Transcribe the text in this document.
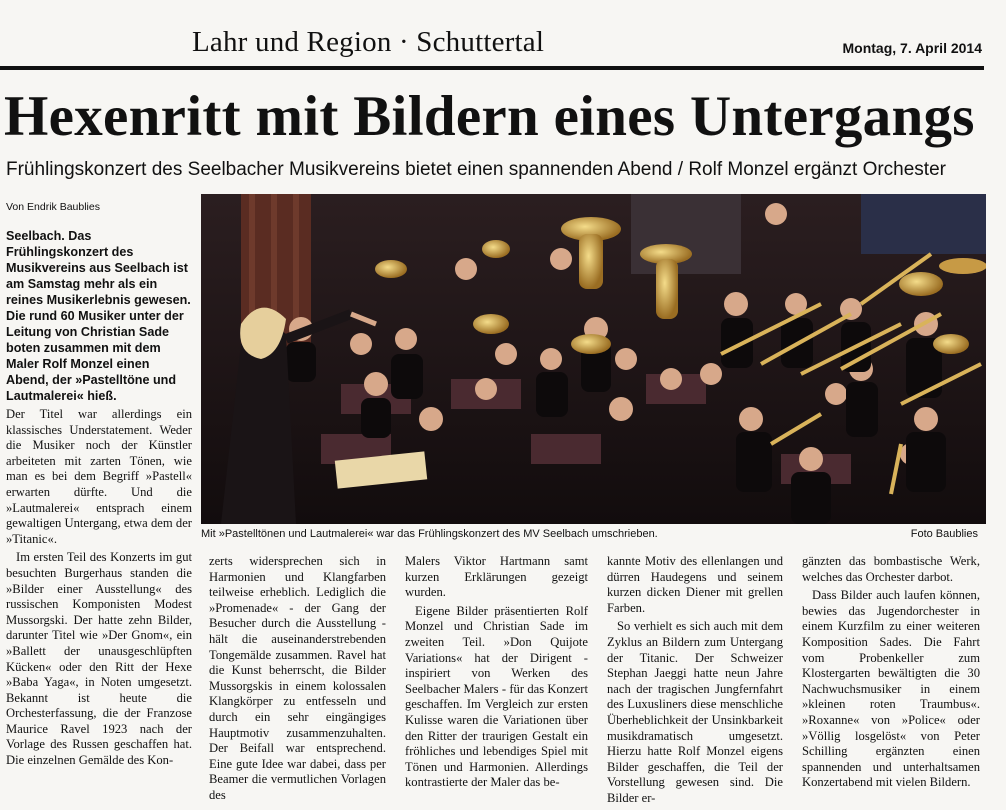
Lahr und Region · Schuttertal	Montag, 7. April 2014
Hexenritt mit Bildern eines Untergangs
Frühlingskonzert des Seelbacher Musikvereins bietet einen spannenden Abend / Rolf Monzel ergänzt Orchester
Von Endrik Baublies

Seelbach. Das Frühlingskonzert des Musikvereins aus Seelbach ist am Samstag mehr als ein reines Musikerlebnis gewesen. Die rund 60 Musiker unter der Leitung von Christian Sade boten zusammen mit dem Maler Rolf Monzel einen Abend, der »Pastelltöne und Lautmalerei« hieß.

Der Titel war allerdings ein klassisches Understatement. Weder die Musiker noch der Künstler arbeiteten mit zarten Tönen, wie man es bei dem Begriff »Pastell« erwarten dürfte. Und die »Lautmalerei« entsprach einem gewaltigen Untergang, etwa dem der »Titanic«.

Im ersten Teil des Konzerts im gut besuchten Burgerhaus standen die »Bilder einer Ausstellung« des russischen Komponisten Modest Mussorgski. Der hatte zehn Bilder, darunter Titel wie »Der Gnom«, ein »Ballett der unausgeschlüpften Kücken« oder den Ritt der Hexe »Baba Yaga«, in Noten umgesetzt. Bekannt ist heute die Orchesterfassung, die der Franzose Maurice Ravel 1923 nach der Vorlage des Russen geschaffen hat. Die einzelnen Gemälde des Kon-

Mit »Pastelltönen und Lautmalerei« war das Frühlingskonzert des MV Seelbach umschrieben.	Foto Baublies

zerts widersprechen sich in Harmonien und Klangfarben teilweise erheblich. Lediglich die »Promenade« - der Gang der Besucher durch die Ausstellung - hält die auseinanderstrebenden Tongemälde zusammen. Ravel hat die Kunst beherrscht, die Bilder Mussorgskis in einem kolossalen Klangkörper zu entfesseln und durch ein sehr eingängiges Hauptmotiv zusammenzuhalten. Der Beifall war entsprechend. Eine gute Idee war dabei, dass per Beamer die vermutlichen Vorlagen des

Malers Viktor Hartmann samt kurzen Erklärungen gezeigt wurden.

Eigene Bilder präsentierten Rolf Monzel und Christian Sade im zweiten Teil. »Don Quijote Variations« hat der Dirigent - inspiriert von Werken des Seelbacher Malers - für das Konzert geschaffen. Im Vergleich zur ersten Kulisse waren die Variationen über den Ritter der traurigen Gestalt ein fröhliches und lebendiges Spiel mit Tönen und Harmonien. Allerdings kontrastierte der Maler das be-

kannte Motiv des ellenlangen und dürren Haudegens und seinem kurzen dicken Diener mit grellen Farben.

So verhielt es sich auch mit dem Zyklus an Bildern zum Untergang der Titanic. Der Schweizer Stephan Jaeggi hatte neun Jahre nach der tragischen Jungfernfahrt des Luxusliners diese menschliche Überheblichkeit der Unsinkbarkeit musikdramatisch umgesetzt. Hierzu hatte Rolf Monzel eigens Bilder geschaffen, die Teil der Vorstellung gewesen sind. Die Bilder er-

gänzten das bombastische Werk, welches das Orchester darbot.

Dass Bilder auch laufen können, bewies das Jugendorchester in einem Kurzfilm zu einer weiteren Komposition Sades. Die Fahrt vom Probenkeller zum Klostergarten bewältigten die 30 Nachwuchsmusiker in einem »kleinen roten Traumbus«. »Roxanne« von »Police« oder »Völlig losgelöst« von Peter Schilling ergänzten einen spannenden und unterhaltsamen Konzertabend mit vielen Bildern.
